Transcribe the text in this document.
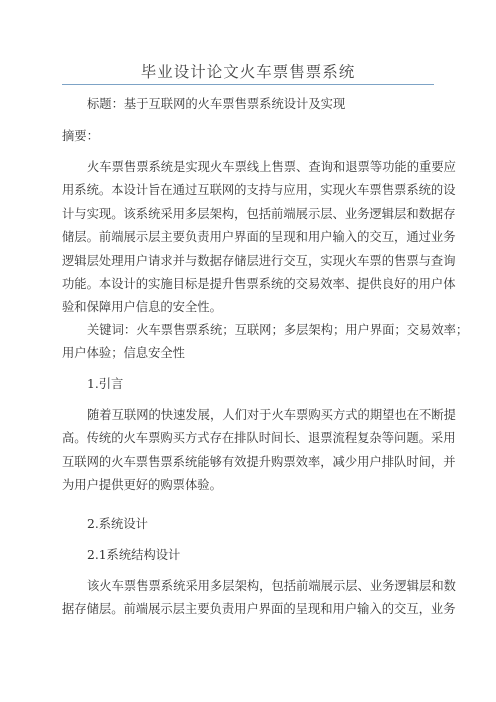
毕业设计论文火车票售票系统

标题：基于互联网的火车票售票系统设计及实现

摘要：

火车票售票系统是实现火车票线上售票、查询和退票等功能的重要应
用系统。本设计旨在通过互联网的支持与应用，实现火车票售票系统的设
计与实现。该系统采用多层架构，包括前端展示层、业务逻辑层和数据存
储层。前端展示层主要负责用户界面的呈现和用户输入的交互，通过业务
逻辑层处理用户请求并与数据存储层进行交互，实现火车票的售票与查询
功能。本设计的实施目标是提升售票系统的交易效率、提供良好的用户体
验和保障用户信息的安全性。

关键词：火车票售票系统；互联网；多层架构；用户界面；交易效率；
用户体验；信息安全性

1.引言

随着互联网的快速发展，人们对于火车票购买方式的期望也在不断提
高。传统的火车票购买方式存在排队时间长、退票流程复杂等问题。采用
互联网的火车票售票系统能够有效提升购票效率，减少用户排队时间，并
为用户提供更好的购票体验。

2.系统设计

2.1系统结构设计

该火车票售票系统采用多层架构，包括前端展示层、业务逻辑层和数
据存储层。前端展示层主要负责用户界面的呈现和用户输入的交互，业务
